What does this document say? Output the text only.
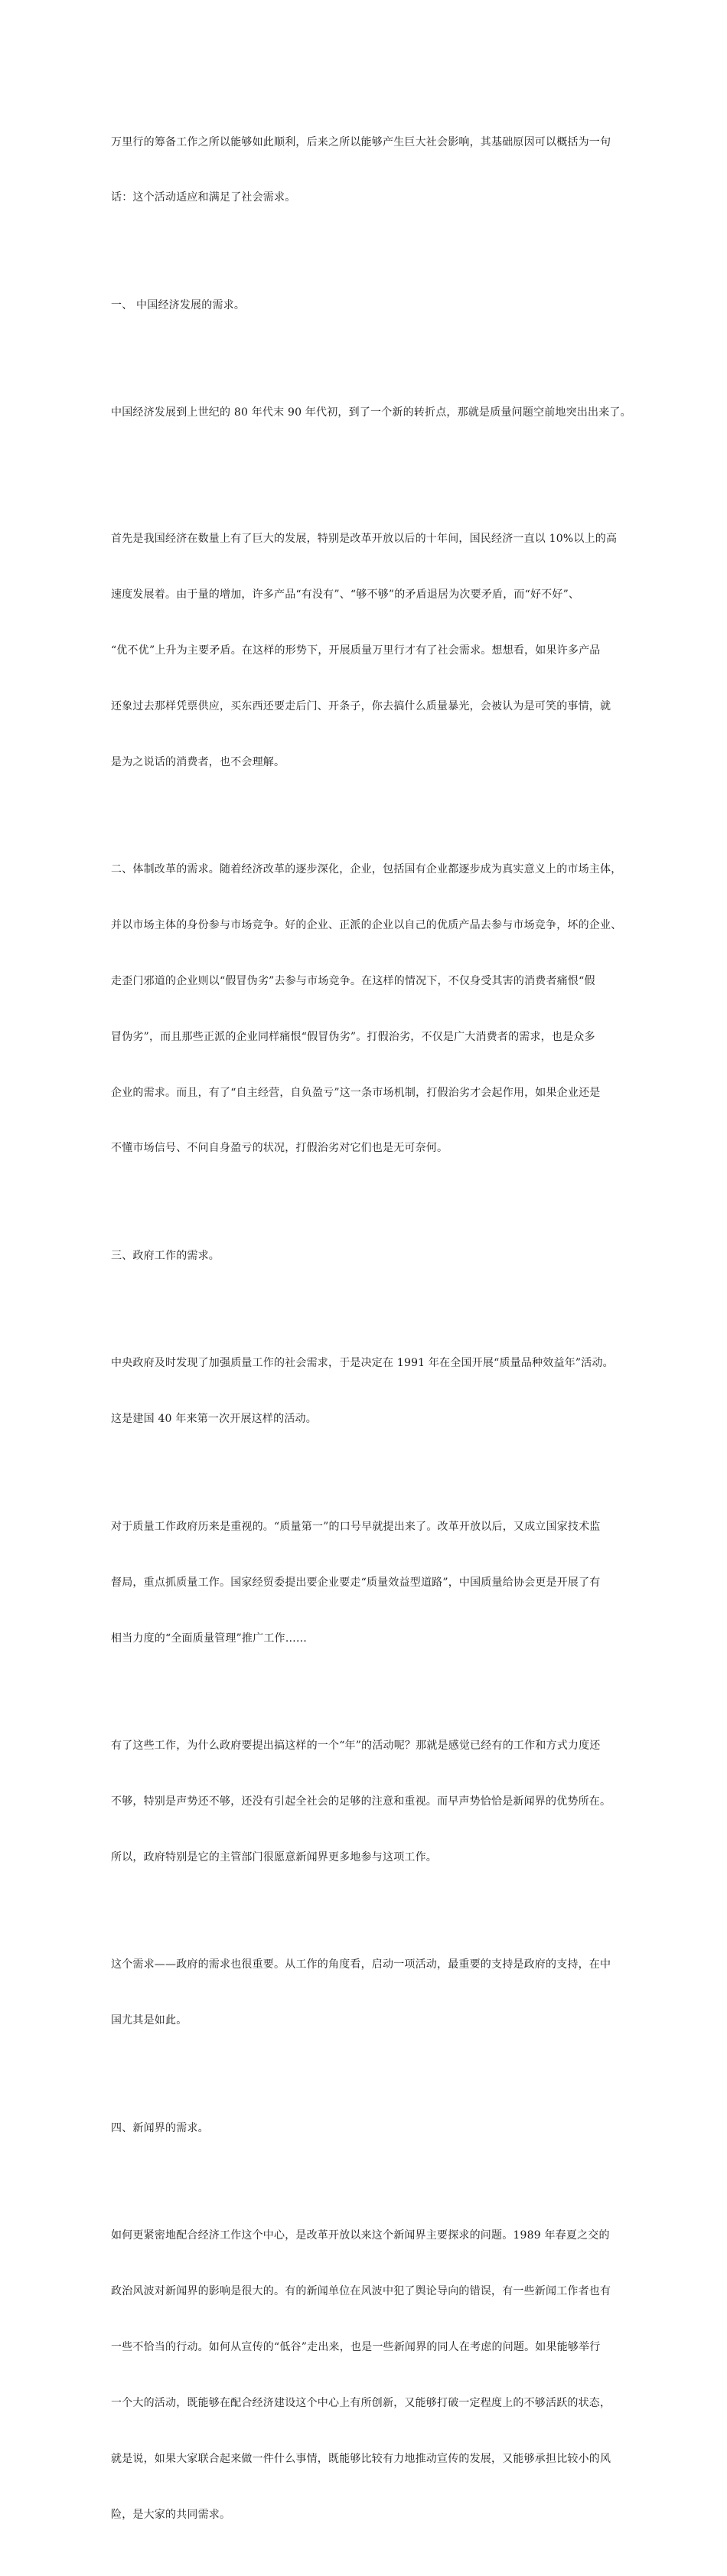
万里行的筹备工作之所以能够如此顺利，后来之所以能够产生巨大社会影响，其基础原因可以概括为一句

话：这个活动适应和满足了社会需求。

一、 中国经济发展的需求。

中国经济发展到上世纪的 80 年代末 90 年代初，到了一个新的转折点，那就是质量问题空前地突出出来了。

首先是我国经济在数量上有了巨大的发展，特别是改革开放以后的十年间，国民经济一直以 10%以上的高

速度发展着。由于量的增加，许多产品“有没有”、“够不够”的矛盾退居为次要矛盾，而“好不好”、

“优不优”上升为主要矛盾。在这样的形势下，开展质量万里行才有了社会需求。想想看，如果许多产品

还象过去那样凭票供应，买东西还要走后门、开条子，你去搞什么质量暴光，会被认为是可笑的事情，就

是为之说话的消费者，也不会理解。

二、体制改革的需求。随着经济改革的逐步深化，企业，包括国有企业都逐步成为真实意义上的市场主体，

并以市场主体的身份参与市场竞争。好的企业、正派的企业以自己的优质产品去参与市场竞争，坏的企业、

走歪门邪道的企业则以“假冒伪劣”去参与市场竞争。在这样的情况下，不仅身受其害的消费者痛恨“假

冒伪劣”，而且那些正派的企业同样痛恨“假冒伪劣”。打假治劣，不仅是广大消费者的需求，也是众多

企业的需求。而且，有了“自主经营，自负盈亏”这一条市场机制，打假治劣才会起作用，如果企业还是

不懂市场信号、不问自身盈亏的状况，打假治劣对它们也是无可奈何。

三、政府工作的需求。

中央政府及时发现了加强质量工作的社会需求，于是决定在 1991 年在全国开展“质量品种效益年”活动。

这是建国 40 年来第一次开展这样的活动。

对于质量工作政府历来是重视的。“质量第一”的口号早就提出来了。改革开放以后，又成立国家技术监

督局，重点抓质量工作。国家经贸委提出要企业要走“质量效益型道路”，中国质量给协会更是开展了有

相当力度的“全面质量管理”推广工作……

有了这些工作，为什么政府要提出搞这样的一个“年”的活动呢？那就是感觉已经有的工作和方式力度还

不够，特别是声势还不够，还没有引起全社会的足够的注意和重视。而早声势恰恰是新闻界的优势所在。

所以，政府特别是它的主管部门很愿意新闻界更多地参与这项工作。

这个需求——政府的需求也很重要。从工作的角度看，启动一项活动，最重要的支持是政府的支持，在中

国尤其是如此。

四、新闻界的需求。

如何更紧密地配合经济工作这个中心，是改革开放以来这个新闻界主要探求的问题。1989 年春夏之交的

政治风波对新闻界的影响是很大的。有的新闻单位在风波中犯了舆论导向的错误，有一些新闻工作者也有

一些不恰当的行动。如何从宣传的“低谷”走出来，也是一些新闻界的同人在考虑的问题。如果能够举行

一个大的活动，既能够在配合经济建设这个中心上有所创新，又能够打破一定程度上的不够活跃的状态，

就是说，如果大家联合起来做一件什么事情，既能够比较有力地推动宣传的发展，又能够承担比较小的风

险，是大家的共同需求。
